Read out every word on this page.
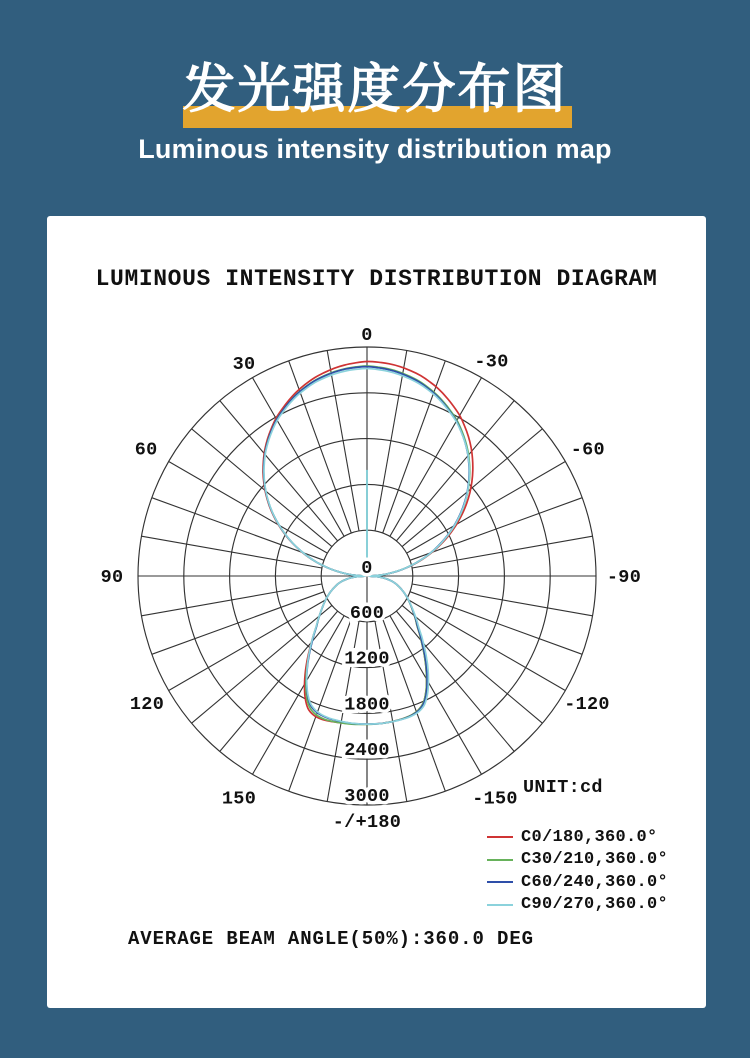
发光强度分布图
Luminous intensity distribution map
LUMINOUS INTENSITY DISTRIBUTION DIAGRAM
-/+180
-150
150
-120
120
-90
90
-60
60
-30
30
0
0
600
1200
1800
2400
3000	UNIT:cd
C0/180,360.0°
C30/210,360.0°
C60/240,360.0°
C90/270,360.0°
AVERAGE BEAM ANGLE(50%):360.0 DEG
